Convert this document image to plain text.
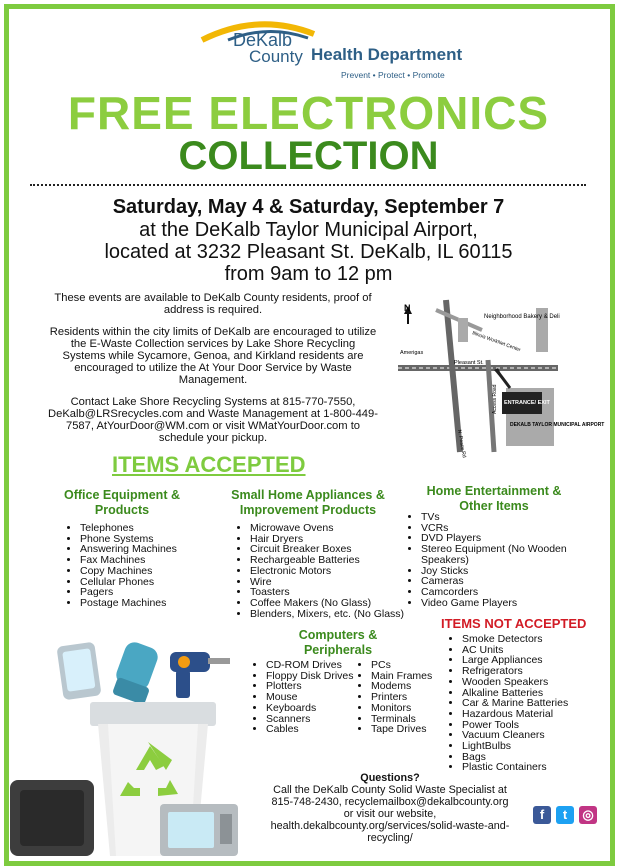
DeKalb
County Health Department
Prevent • Protect • Promote
FREE ELECTRONICS
COLLECTION
Saturday, May 4 & Saturday, September 7
at the DeKalb Taylor Municipal Airport,
located at 3232 Pleasant St. DeKalb, IL 60115
from 9am to 12 pm
These events are available to DeKalb County residents, proof of address is required.
Residents within the city limits of DeKalb are encouraged to utilize the E-Waste Collection services by Lake Shore Recycling Systems while Sycamore, Genoa, and Kirkland residents are encouraged to utilize the At Your Door Service by Waste Management.
Contact Lake Shore Recycling Systems at 815-770-7550, DeKalb@LRSrecycles.com and Waste Management at 1-800-449-7587, AtYourDoor@WM.com or visit WMatYourDoor.com to schedule your pickup.
N
Neighborhood Bakery & Deli
Illinois WorkNet Center
Amerigas
Pleasant St.
ENTRANCE/ EXIT
DEKALB TAYLOR MUNICIPAL AIRPORT
N. Peace Rd
Access Road
ITEMS ACCEPTED
Office Equipment & Products
• Telephones
• Phone Systems
• Answering Machines
• Fax Machines
• Copy Machines
• Cellular Phones
• Pagers
• Postage Machines
Small Home Appliances & Improvement Products
• Microwave Ovens
• Hair Dryers
• Circuit Breaker Boxes
• Rechargeable Batteries
• Electronic Motors
• Wire
• Toasters
• Coffee Makers (No Glass)
• Blenders, Mixers, etc. (No Glass)
Home Entertainment & Other Items
• TVs
• VCRs
• DVD Players
• Stereo Equipment (No Wooden Speakers)
• Joy Sticks
• Cameras
• Camcorders
• Video Game Players
Computers & Peripherals
• CD-ROM Drives
• Floppy Disk Drives
• Plotters
• Mouse
• Keyboards
• Scanners
• Cables
• PCs
• Main Frames
• Modems
• Printers
• Monitors
• Terminals
• Tape Drives
ITEMS NOT ACCEPTED
• Smoke Detectors
• AC Units
• Large Appliances
• Refrigerators
• Wooden Speakers
• Alkaline Batteries
• Car & Marine Batteries
• Hazardous Material
• Power Tools
• Vacuum Cleaners
• LightBulbs
• Bags
• Plastic Containers
Questions?
Call the DeKalb County Solid Waste Specialist at
815-748-2430, recyclemailbox@dekalbcounty.org
or visit our website,
health.dekalbcounty.org/services/solid-waste-and-
recycling/
f	t	◎
